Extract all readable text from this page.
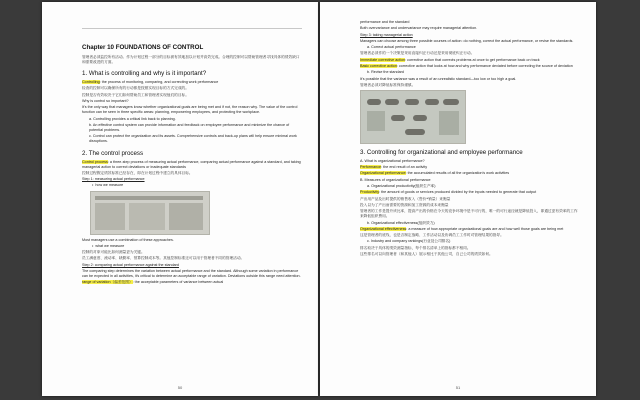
Chapter 10 FOUNDATIONS OF CONTROL

管理者必须监控所有活动。作为计划过程一部分的目标被有效地加以计划并高效完成。合理的控制可以帮助管理者寻找具体的绩效缺口和需要改进的方面。

1. What is controlling and why is it important?

Controlling: the process of monitoring, comparing, and correcting work performance

检查的控制可以确保所有的行动都是按照实现目标的方式完成的。

控制是否有效取决于它们如何帮助员工和管理者实现他们的目标。

Why is control so important?

It's the only way that managers know whether organizational goals are being met and if not, the reason why. The value of the control function can be seen in three specific areas: planning, empowering employees, and protecting the workplace.

a. Controlling provides a critical link back to planning.

b. An effective control system can provide information and feedback on employee performance and minimize the chance of potential problems.

c. Control can protect the organization and its assets. Comprehensive controls and back-up plans will help ensure minimal work disruptions.

2. The control process

Control process: a three-step process of measuring actual performance, comparing actual performance against a standard, and taking managerial action to correct deviations or inadequate standards

控制过程假定绩效标准已经存在，即在计划过程中建立的具体目标。

Step 1: measuring actual performance

•  how we measure

Most managers use a combination of these approaches.

•  what we measure

控制的对象可能比如何测量更为关键。

员工满意度、流动率、缺勤率、预算控制成本等。其他控制标准还可以用于管理者不同的管理活动。

Step 2: comparing actual performance against the standard

The comparing step determines the variation between actual performance and the standard. Although some variation in performance can be expected in all activities, it's critical to determine an acceptable range of variation. Deviations outside this range need attention.

range of variation（偏差范围）: the acceptable parameters of variance between actual

50

performance and the standard

Both overvariance and undervariance may require managerial attention.

Step 3: taking managerial action

Managers can choose among three possible courses of action: do nothing, correct the actual performance, or revise the standards.

a. Correct actual performance

管理者必须作的一个决策是采用直接纠正行动还是采用彻底纠正行动。

Immediate corrective action: corrective action that corrects problems at once to get performance back on track

Basic corrective action: corrective action that looks at how and why performance deviated before correcting the source of deviation

b. Revise the standard

It's possible that the variance was a result of an unrealistic standard—too low or too high a goal.

管理者必须对降低标准保持谨慎。

3. Controlling for organizational and employee performance

A. What is organizational performance?

Performance: the end result of an activity

Organizational performance: the accumulated results of all the organization's work activities

B. Measures of organizational performance

a. Organizational productivity(组织生产率)

Productivity: the amount of goods or services produced divided by the inputs needed to generate that output

产出用产品及出时提供的销售收入（售价*销量）来衡量

投入以为了产出而需要的资源和加工资源的成本来衡量

管理者的工作是提升该比率，提高产出的价格在今天的竞争环境中是不可行的，唯一的可行途径就是降低投入，即通过更有效率的工作来降低组织费用。

b. Organizational effectiveness(组织效力)

Organizational effectiveness: a measure of how appropriate organizational goals are and how well those goals are being met

这是管理者的底线，也是否制定战略、工作活动以及协调员工工作时对管理结果的指导。

c. Industry and company rankings(行业及公司排名)

排名取决于具体的绩效测量指标，每个排名清单上的指标都不相同。

这些排名可以向管理者（和其他人）展示相比于其他公司，自己公司的绩效如何。

51
